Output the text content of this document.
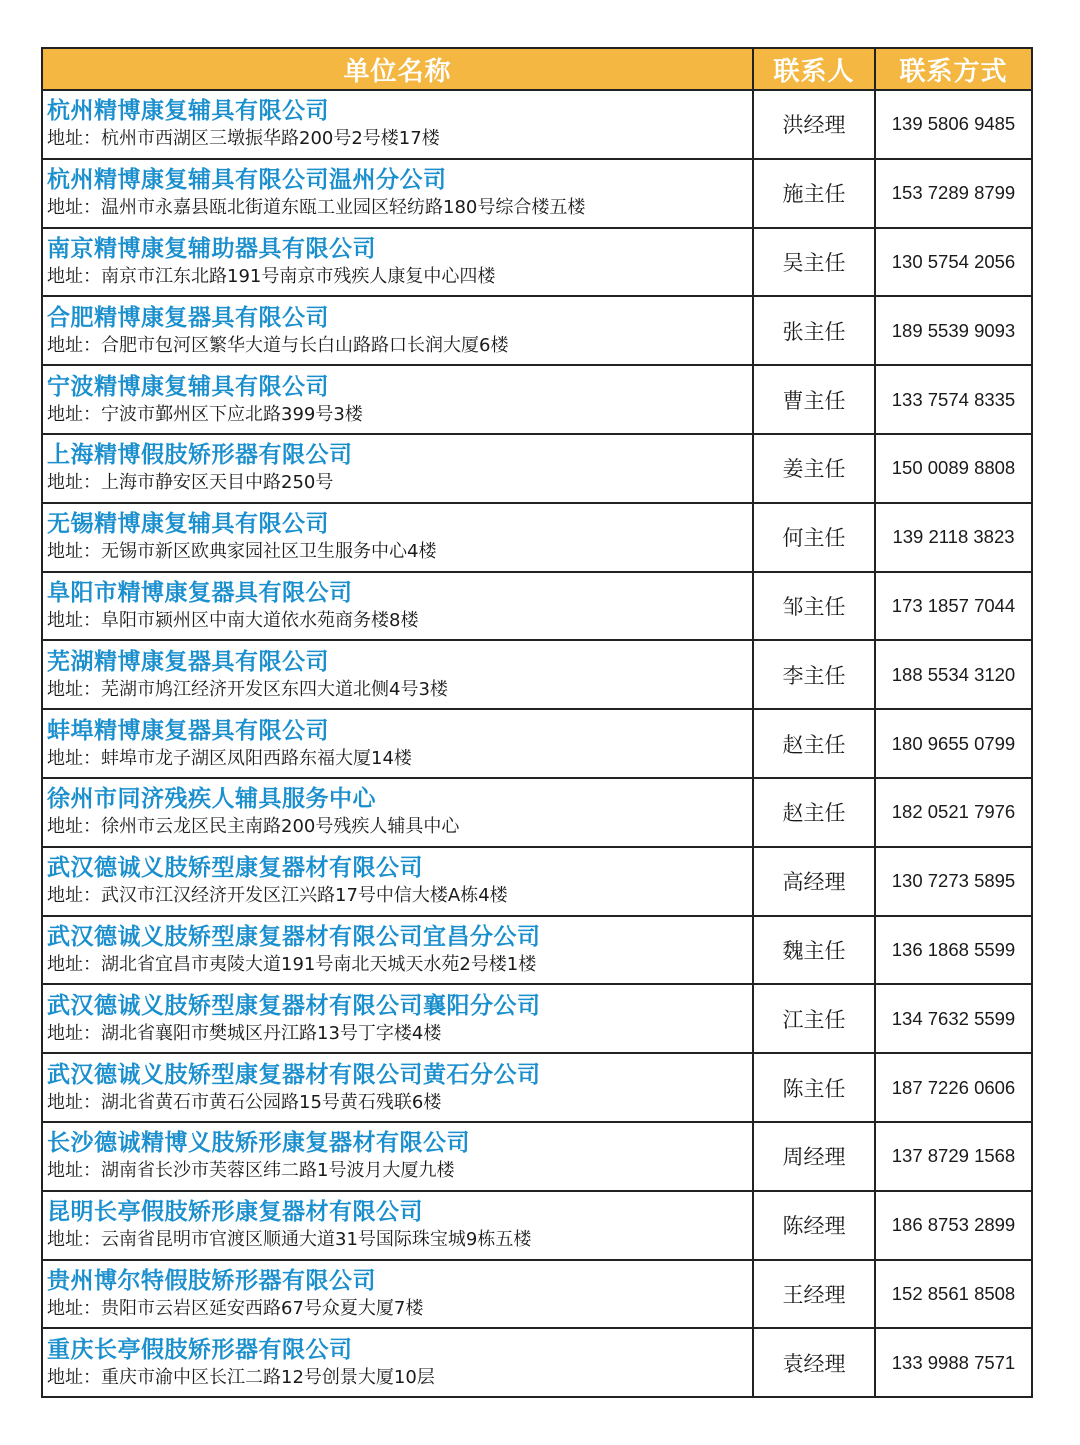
单位名称	联系人	联系方式

杭州精博康复辅具有限公司
地址：杭州市西湖区三墩振华路200号2号楼17楼	洪经理	139 5806 9485

杭州精博康复辅具有限公司温州分公司
地址：温州市永嘉县瓯北街道东瓯工业园区轻纺路180号综合楼五楼	施主任	153 7289 8799

南京精博康复辅助器具有限公司
地址：南京市江东北路191号南京市残疾人康复中心四楼	吴主任	130 5754 2056

合肥精博康复器具有限公司
地址：合肥市包河区繁华大道与长白山路路口长润大厦6楼	张主任	189 5539 9093

宁波精博康复辅具有限公司
地址：宁波市鄞州区下应北路399号3楼	曹主任	133 7574 8335

上海精博假肢矫形器有限公司
地址：上海市静安区天目中路250号	姜主任	150 0089 8808

无锡精博康复辅具有限公司
地址：无锡市新区欧典家园社区卫生服务中心4楼	何主任	139 2118 3823

阜阳市精博康复器具有限公司
地址：阜阳市颍州区中南大道依水苑商务楼8楼	邹主任	173 1857 7044

芜湖精博康复器具有限公司
地址：芜湖市鸠江经济开发区东四大道北侧4号3楼	李主任	188 5534 3120

蚌埠精博康复器具有限公司
地址：蚌埠市龙子湖区凤阳西路东福大厦14楼	赵主任	180 9655 0799

徐州市同济残疾人辅具服务中心
地址：徐州市云龙区民主南路200号残疾人辅具中心	赵主任	182 0521 7976

武汉德诚义肢矫型康复器材有限公司
地址：武汉市江汉经济开发区江兴路17号中信大楼A栋4楼	高经理	130 7273 5895

武汉德诚义肢矫型康复器材有限公司宜昌分公司
地址：湖北省宜昌市夷陵大道191号南北天城天水苑2号楼1楼	魏主任	136 1868 5599

武汉德诚义肢矫型康复器材有限公司襄阳分公司
地址：湖北省襄阳市樊城区丹江路13号丁字楼4楼	江主任	134 7632 5599

武汉德诚义肢矫型康复器材有限公司黄石分公司
地址：湖北省黄石市黄石公园路15号黄石残联6楼	陈主任	187 7226 0606

长沙德诚精博义肢矫形康复器材有限公司
地址：湖南省长沙市芙蓉区纬二路1号波月大厦九楼	周经理	137 8729 1568

昆明长亭假肢矫形康复器材有限公司
地址：云南省昆明市官渡区顺通大道31号国际珠宝城9栋五楼	陈经理	186 8753 2899

贵州博尔特假肢矫形器有限公司
地址：贵阳市云岩区延安西路67号众夏大厦7楼	王经理	152 8561 8508

重庆长亭假肢矫形器有限公司
地址：重庆市渝中区长江二路12号创景大厦10层	袁经理	133 9988 7571
